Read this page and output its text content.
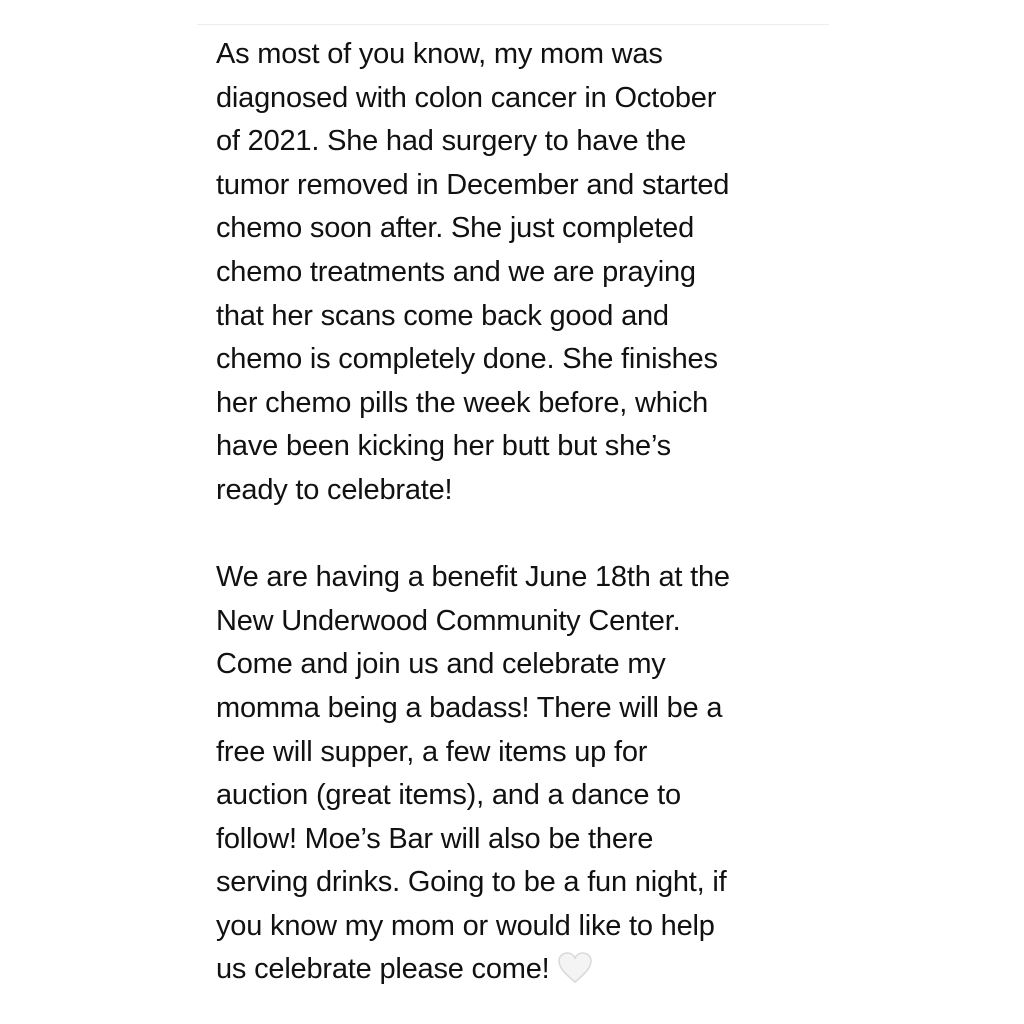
As most of you know, my mom was
diagnosed with colon cancer in October
of 2021. She had surgery to have the
tumor removed in December and started
chemo soon after. She just completed
chemo treatments and we are praying
that her scans come back good and
chemo is completely done. She finishes
her chemo pills the week before, which
have been kicking her butt but she’s
ready to celebrate!

We are having a benefit June 18th at the
New Underwood Community Center.
Come and join us and celebrate my
momma being a badass! There will be a
free will supper, a few items up for
auction (great items), and a dance to
follow! Moe’s Bar will also be there
serving drinks. Going to be a fun night, if
you know my mom or would like to help
us celebrate please come!
